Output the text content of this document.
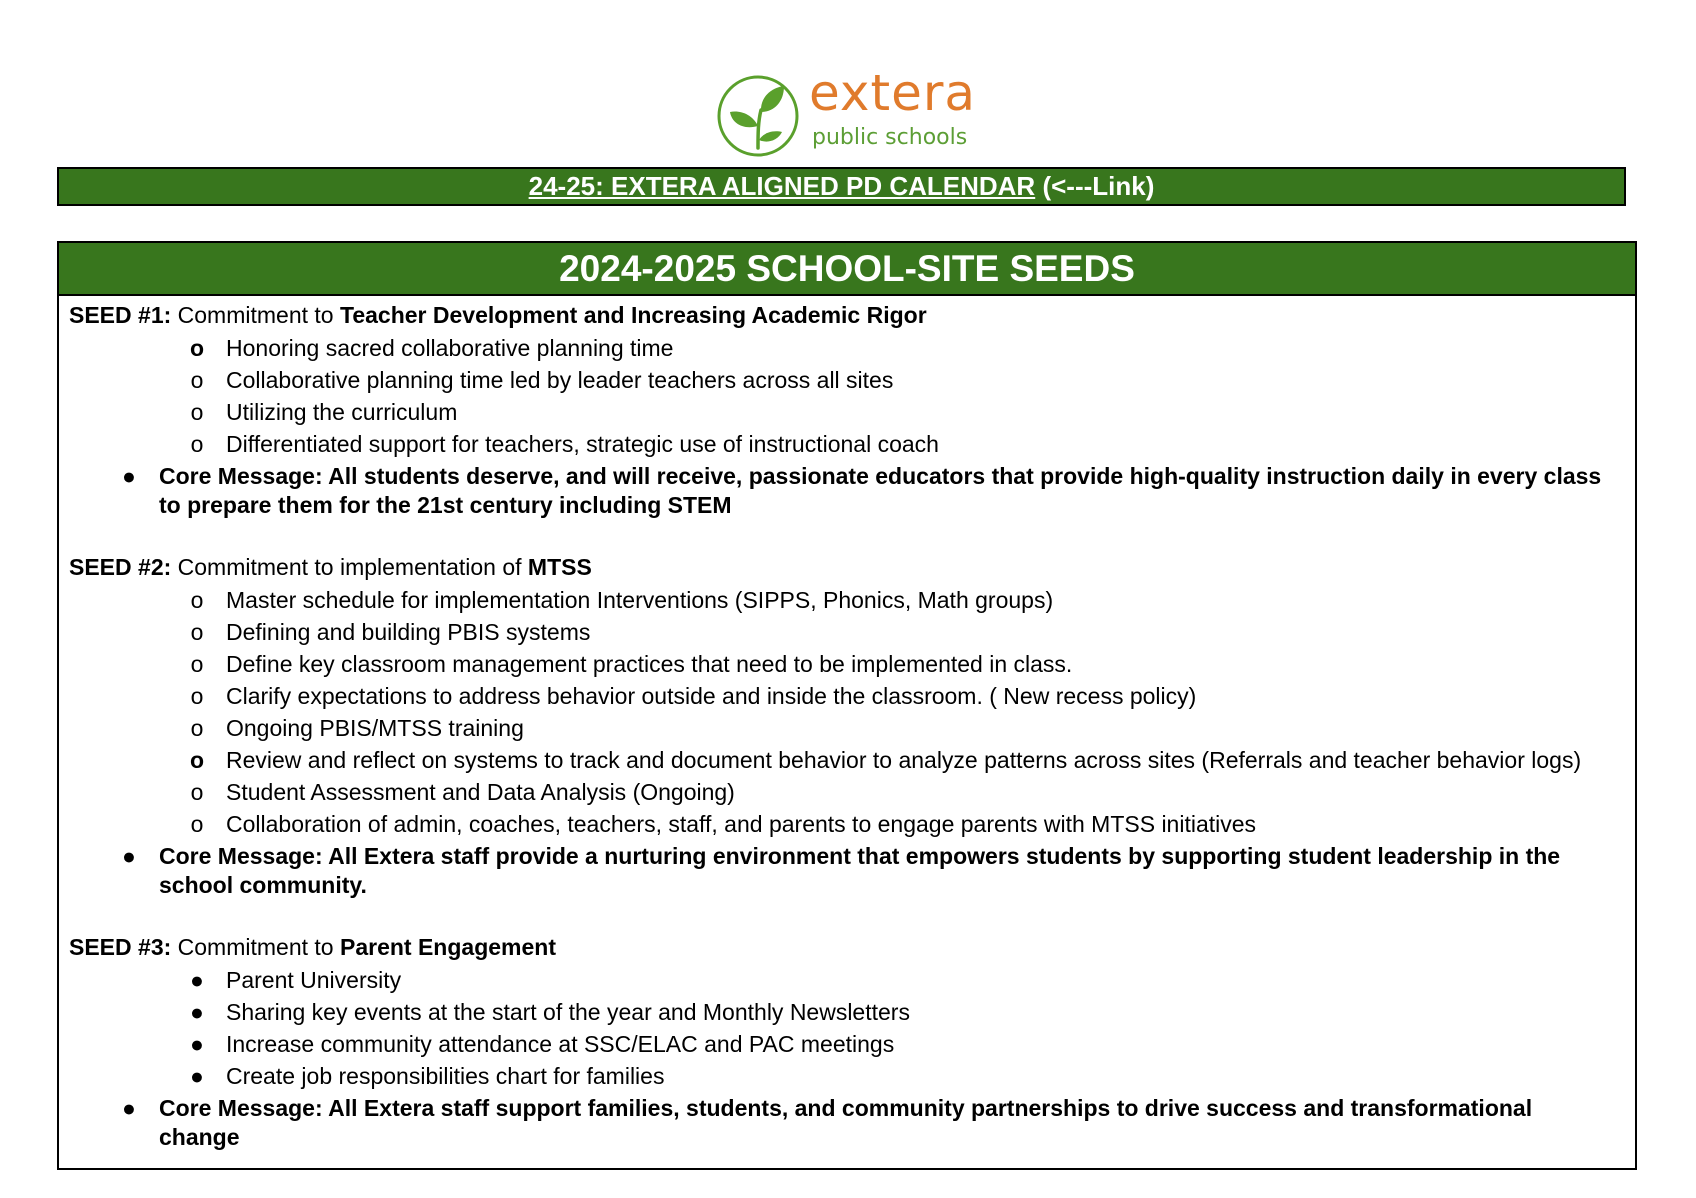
extera
public schools
24-25: EXTERA ALIGNED PD CALENDAR (<---Link)
2024-2025 SCHOOL-SITE SEEDS

SEED #1: Commitment to Teacher Development and Increasing Academic Rigor

o Honoring sacred collaborative planning time
o Collaborative planning time led by leader teachers across all sites
o Utilizing the curriculum
o Differentiated support for teachers, strategic use of instructional coach
● Core Message: All students deserve, and will receive, passionate educators that provide high-quality instruction daily in every class to prepare them for the 21st century including STEM

SEED #2: Commitment to implementation of MTSS

o Master schedule for implementation Interventions (SIPPS, Phonics, Math groups)
o Defining and building PBIS systems
o Define key classroom management practices that need to be implemented in class.
o Clarify expectations to address behavior outside and inside the classroom. ( New recess policy)
o Ongoing PBIS/MTSS training
o Review and reflect on systems to track and document behavior to analyze patterns across sites (Referrals and teacher behavior logs)
o Student Assessment and Data Analysis (Ongoing)
o Collaboration of admin, coaches, teachers, staff, and parents to engage parents with MTSS initiatives
● Core Message: All Extera staff provide a nurturing environment that empowers students by supporting student leadership in the school community.

SEED #3: Commitment to Parent Engagement

● Parent University
● Sharing key events at the start of the year and Monthly Newsletters
● Increase community attendance at SSC/ELAC and PAC meetings
● Create job responsibilities chart for families
● Core Message: All Extera staff support families, students, and community partnerships to drive success and transformational change
